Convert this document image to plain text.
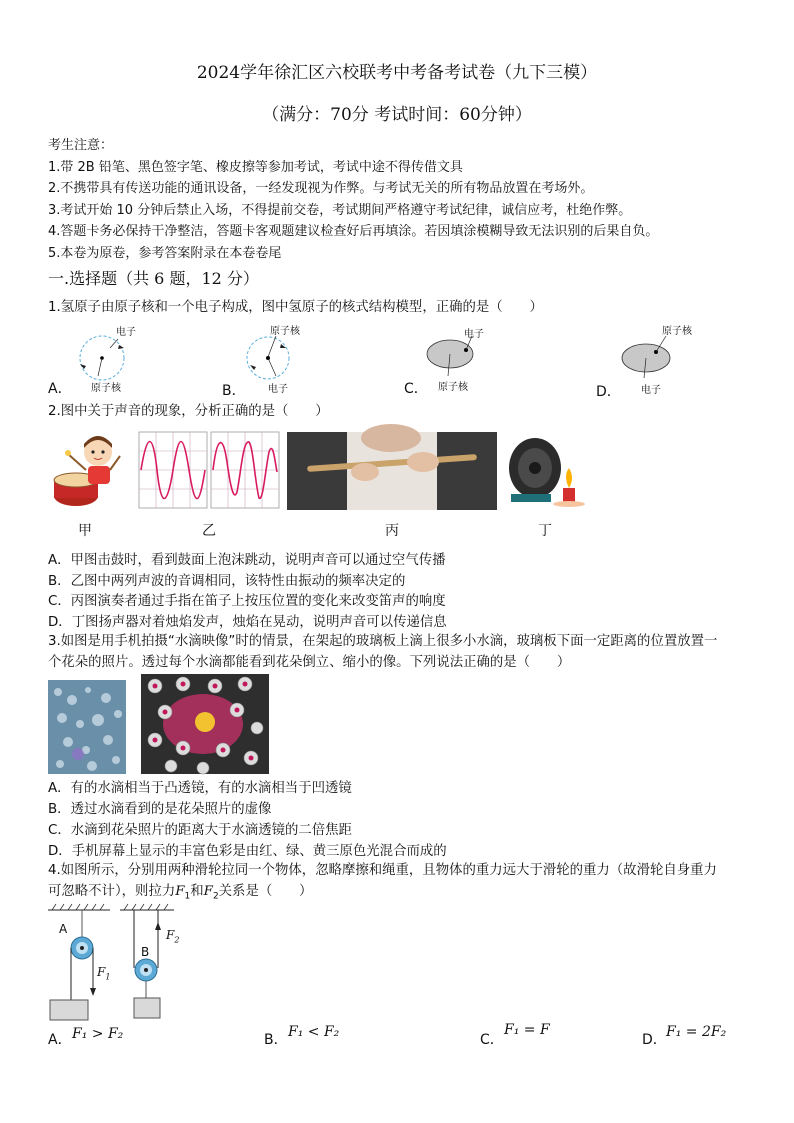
2024学年徐汇区六校联考中考备考试卷（九下三模）
（满分：70分 考试时间：60分钟）
考生注意：
1.带 2B 铅笔、黑色签字笔、橡皮擦等参加考试，考试中途不得传借文具
2.不携带具有传送功能的通讯设备，一经发现视为作弊。与考试无关的所有物品放置在考场外。
3.考试开始 10 分钟后禁止入场，不得提前交卷，考试期间严格遵守考试纪律，诚信应考，杜绝作弊。
4.答题卡务必保持干净整洁，答题卡客观题建议检查好后再填涂。若因填涂模糊导致无法识别的后果自负。
5.本卷为原卷，参考答案附录在本卷卷尾
一.选择题（共 6 题，12 分）
1.氢原子由原子核和一个电子构成，图中氢原子的核式结构模型，正确的是（　　）
A．
电子
原子核	B．
原子核
电子	C．
电子
原子核	D．
原子核
电子
2.图中关于声音的现象，分析正确的是（　　）
甲	乙	丙	丁
A．甲图击鼓时，看到鼓面上泡沫跳动，说明声音可以通过空气传播
B．乙图中两列声波的音调相同，该特性由振动的频率决定的
C．丙图演奏者通过手指在笛子上按压位置的变化来改变笛声的响度
D．丁图扬声器对着烛焰发声，烛焰在晃动，说明声音可以传递信息
3.如图是用手机拍摄“水滴映像”时的情景，在架起的玻璃板上滴上很多小水滴，玻璃板下面一定距离的位置放置一
个花朵的照片。透过每个水滴都能看到花朵倒立、缩小的像。下列说法正确的是（　　）
A．有的水滴相当于凸透镜，有的水滴相当于凹透镜
B．透过水滴看到的是花朵照片的虚像
C．水滴到花朵照片的距离大于水滴透镜的二倍焦距
D．手机屏幕上显示的丰富色彩是由红、绿、黄三原色光混合而成的
4.如图所示，分别用两种滑轮拉同一个物体，忽略摩擦和绳重，且物体的重力远大于滑轮的重力（故滑轮自身重力
可忽略不计），则拉力$F_1$和$F_2$关系是（　　）
A
B
$F_1$
$F_2$
A． F₁ > F₂	B． F₁ < F₂	C．
F₁ = F
D． F₁ = 2F₂
